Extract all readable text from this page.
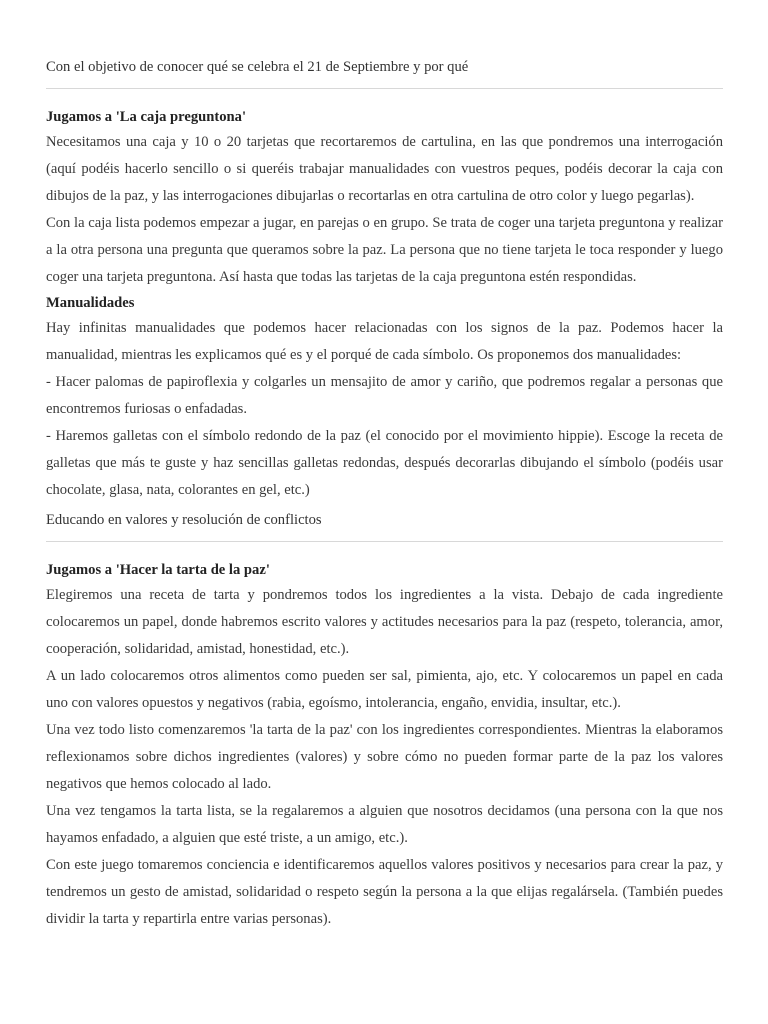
Con el objetivo de conocer qué se celebra el 21 de Septiembre y por qué
Jugamos a 'La caja preguntona'

Necesitamos una caja y 10 o 20 tarjetas que recortaremos de cartulina, en las que pondremos una interrogación (aquí podéis hacerlo sencillo o si queréis trabajar manualidades con vuestros peques, podéis decorar la caja con dibujos de la paz, y las interrogaciones dibujarlas o recortarlas en otra cartulina de otro color y luego pegarlas).

Con la caja lista podemos empezar a jugar, en parejas o en grupo. Se trata de coger una tarjeta preguntona y realizar a la otra persona una pregunta que queramos sobre la paz. La persona que no tiene tarjeta le toca responder y luego coger una tarjeta preguntona. Así hasta que todas las tarjetas de la caja preguntona estén respondidas.

Manualidades

Hay infinitas manualidades que podemos hacer relacionadas con los signos de la paz. Podemos hacer la manualidad, mientras les explicamos qué es y el porqué de cada símbolo. Os proponemos dos manualidades:

- Hacer palomas de papiroflexia y colgarles un mensajito de amor y cariño, que podremos regalar a personas que encontremos furiosas o enfadadas.

- Haremos galletas con el símbolo redondo de la paz (el conocido por el movimiento hippie). Escoge la receta de galletas que más te guste y haz sencillas galletas redondas, después decorarlas dibujando el símbolo (podéis usar chocolate, glasa, nata, colorantes en gel, etc.)

Educando en valores y resolución de conflictos
Jugamos a 'Hacer la tarta de la paz'

Elegiremos una receta de tarta y pondremos todos los ingredientes a la vista. Debajo de cada ingrediente colocaremos un papel, donde habremos escrito valores y actitudes necesarios para la paz (respeto, tolerancia, amor, cooperación, solidaridad, amistad, honestidad, etc.).

A un lado colocaremos otros alimentos como pueden ser sal, pimienta, ajo, etc. Y colocaremos un papel en cada uno con valores opuestos y negativos (rabia, egoísmo, intolerancia, engaño, envidia, insultar, etc.).

Una vez todo listo comenzaremos 'la tarta de la paz' con los ingredientes correspondientes. Mientras la elaboramos reflexionamos sobre dichos ingredientes (valores) y sobre cómo no pueden formar parte de la paz los valores negativos que hemos colocado al lado.

Una vez tengamos la tarta lista, se la regalaremos a alguien que nosotros decidamos (una persona con la que nos hayamos enfadado, a alguien que esté triste, a un amigo, etc.).

Con este juego tomaremos conciencia e identificaremos aquellos valores positivos y necesarios para crear la paz, y tendremos un gesto de amistad, solidaridad o respeto según la persona a la que elijas regalársela. (También puedes dividir la tarta y repartirla entre varias personas).
